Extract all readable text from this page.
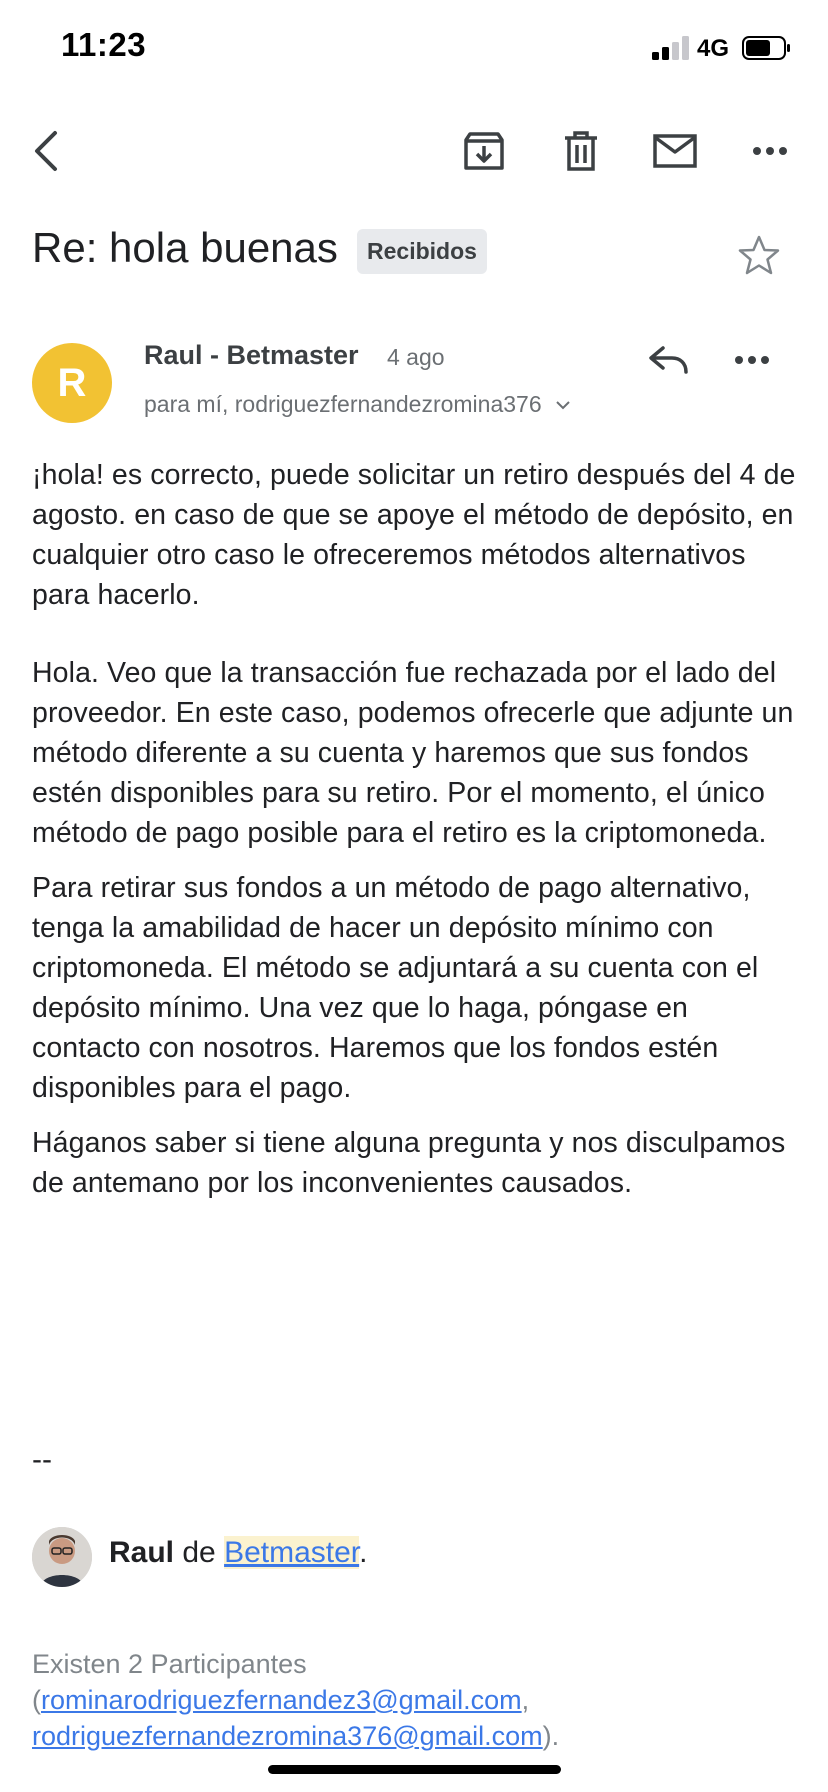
11:23	4G
Re: hola buenas	Recibidos
R
Raul - Betmaster 4 ago
para mí, rodriguezfernandezromina376

¡hola! es correcto, puede solicitar un retiro después del 4 de agosto. en caso de que se apoye el método de depósito, en cualquier otro caso le ofreceremos métodos alternativos para hacerlo.

Hola. Veo que la transacción fue rechazada por el lado del proveedor. En este caso, podemos ofrecerle que adjunte un método diferente a su cuenta y haremos que sus fondos estén disponibles para su retiro. Por el momento, el único método de pago posible para el retiro es la criptomoneda.

Para retirar sus fondos a un método de pago alternativo, tenga la amabilidad de hacer un depósito mínimo con criptomoneda. El método se adjuntará a su cuenta con el depósito mínimo. Una vez que lo haga, póngase en contacto con nosotros. Haremos que los fondos estén disponibles para el pago.

Háganos saber si tiene alguna pregunta y nos disculpamos de antemano por los inconvenientes causados.

--
Raul de Betmaster.
Existen 2 Participantes (rominarodriguezfernandez3@gmail.com, rodriguezfernandezromina376@gmail.com).
